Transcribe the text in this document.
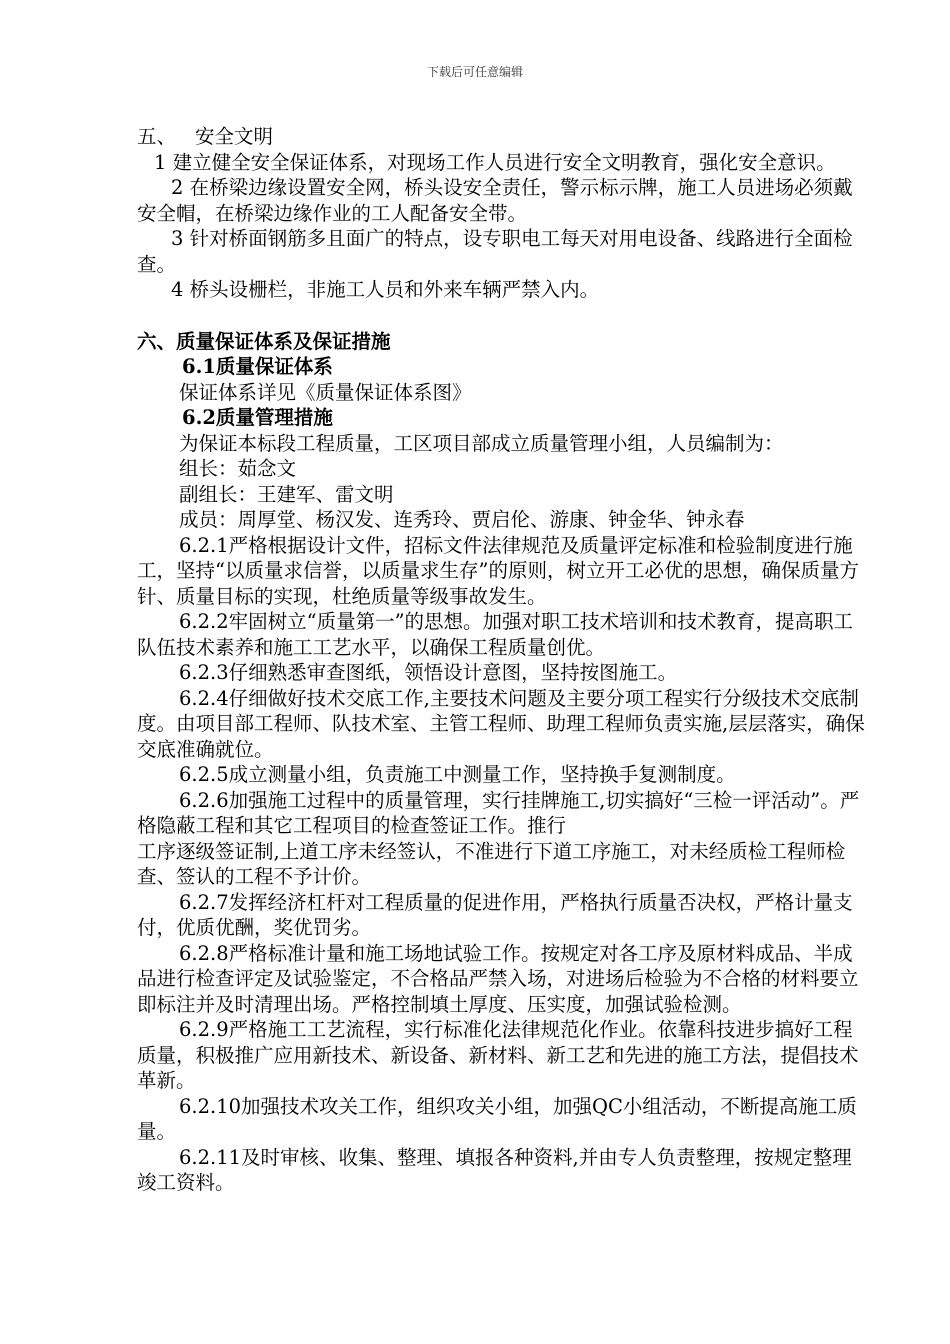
下载后可任意编辑

五、 安全文明

1 建立健全安全保证体系，对现场工作人员进行安全文明教育，强化安全意识。

2 在桥梁边缘设置安全网，桥头设安全责任，警示标示牌，施工人员进场必须戴安全帽，在桥梁边缘作业的工人配备安全带。

3 针对桥面钢筋多且面广的特点，设专职电工每天对用电设备、线路进行全面检查。

4 桥头设栅栏，非施工人员和外来车辆严禁入内。

六、质量保证体系及保证措施

6.1质量保证体系

保证体系详见《质量保证体系图》

6.2质量管理措施

为保证本标段工程质量，工区项目部成立质量管理小组，人员编制为：

组长：茹念文

副组长：王建军、雷文明

成员：周厚堂、杨汉发、连秀玲、贾启伦、游康、钟金华、钟永春

6.2.1严格根据设计文件，招标文件法律规范及质量评定标准和检验制度进行施工，坚持“以质量求信誉，以质量求生存”的原则，树立开工必优的思想，确保质量方针、质量目标的实现，杜绝质量等级事故发生。

6.2.2牢固树立“质量第一”的思想。加强对职工技术培训和技术教育，提高职工队伍技术素养和施工工艺水平，以确保工程质量创优。

6.2.3仔细熟悉审查图纸，领悟设计意图，坚持按图施工。

6.2.4仔细做好技术交底工作,主要技术问题及主要分项工程实行分级技术交底制度。由项目部工程师、队技术室、主管工程师、助理工程师负责实施,层层落实，确保交底准确就位。

6.2.5成立测量小组，负责施工中测量工作，坚持换手复测制度。

6.2.6加强施工过程中的质量管理，实行挂牌施工,切实搞好“三检一评活动”。严格隐蔽工程和其它工程项目的检查签证工作。推行

工序逐级签证制,上道工序未经签认，不准进行下道工序施工，对未经质检工程师检查、签认的工程不予计价。

6.2.7发挥经济杠杆对工程质量的促进作用，严格执行质量否决权，严格计量支付，优质优酬，奖优罚劣。

6.2.8严格标准计量和施工场地试验工作。按规定对各工序及原材料成品、半成品进行检查评定及试验鉴定，不合格品严禁入场，对进场后检验为不合格的材料要立即标注并及时清理出场。严格控制填土厚度、压实度，加强试验检测。

6.2.9严格施工工艺流程，实行标准化法律规范化作业。依靠科技进步搞好工程质量，积极推广应用新技术、新设备、新材料、新工艺和先进的施工方法，提倡技术革新。

6.2.10加强技术攻关工作，组织攻关小组，加强QC小组活动，不断提高施工质量。

6.2.11及时审核、收集、整理、填报各种资料,并由专人负责整理，按规定整理竣工资料。
